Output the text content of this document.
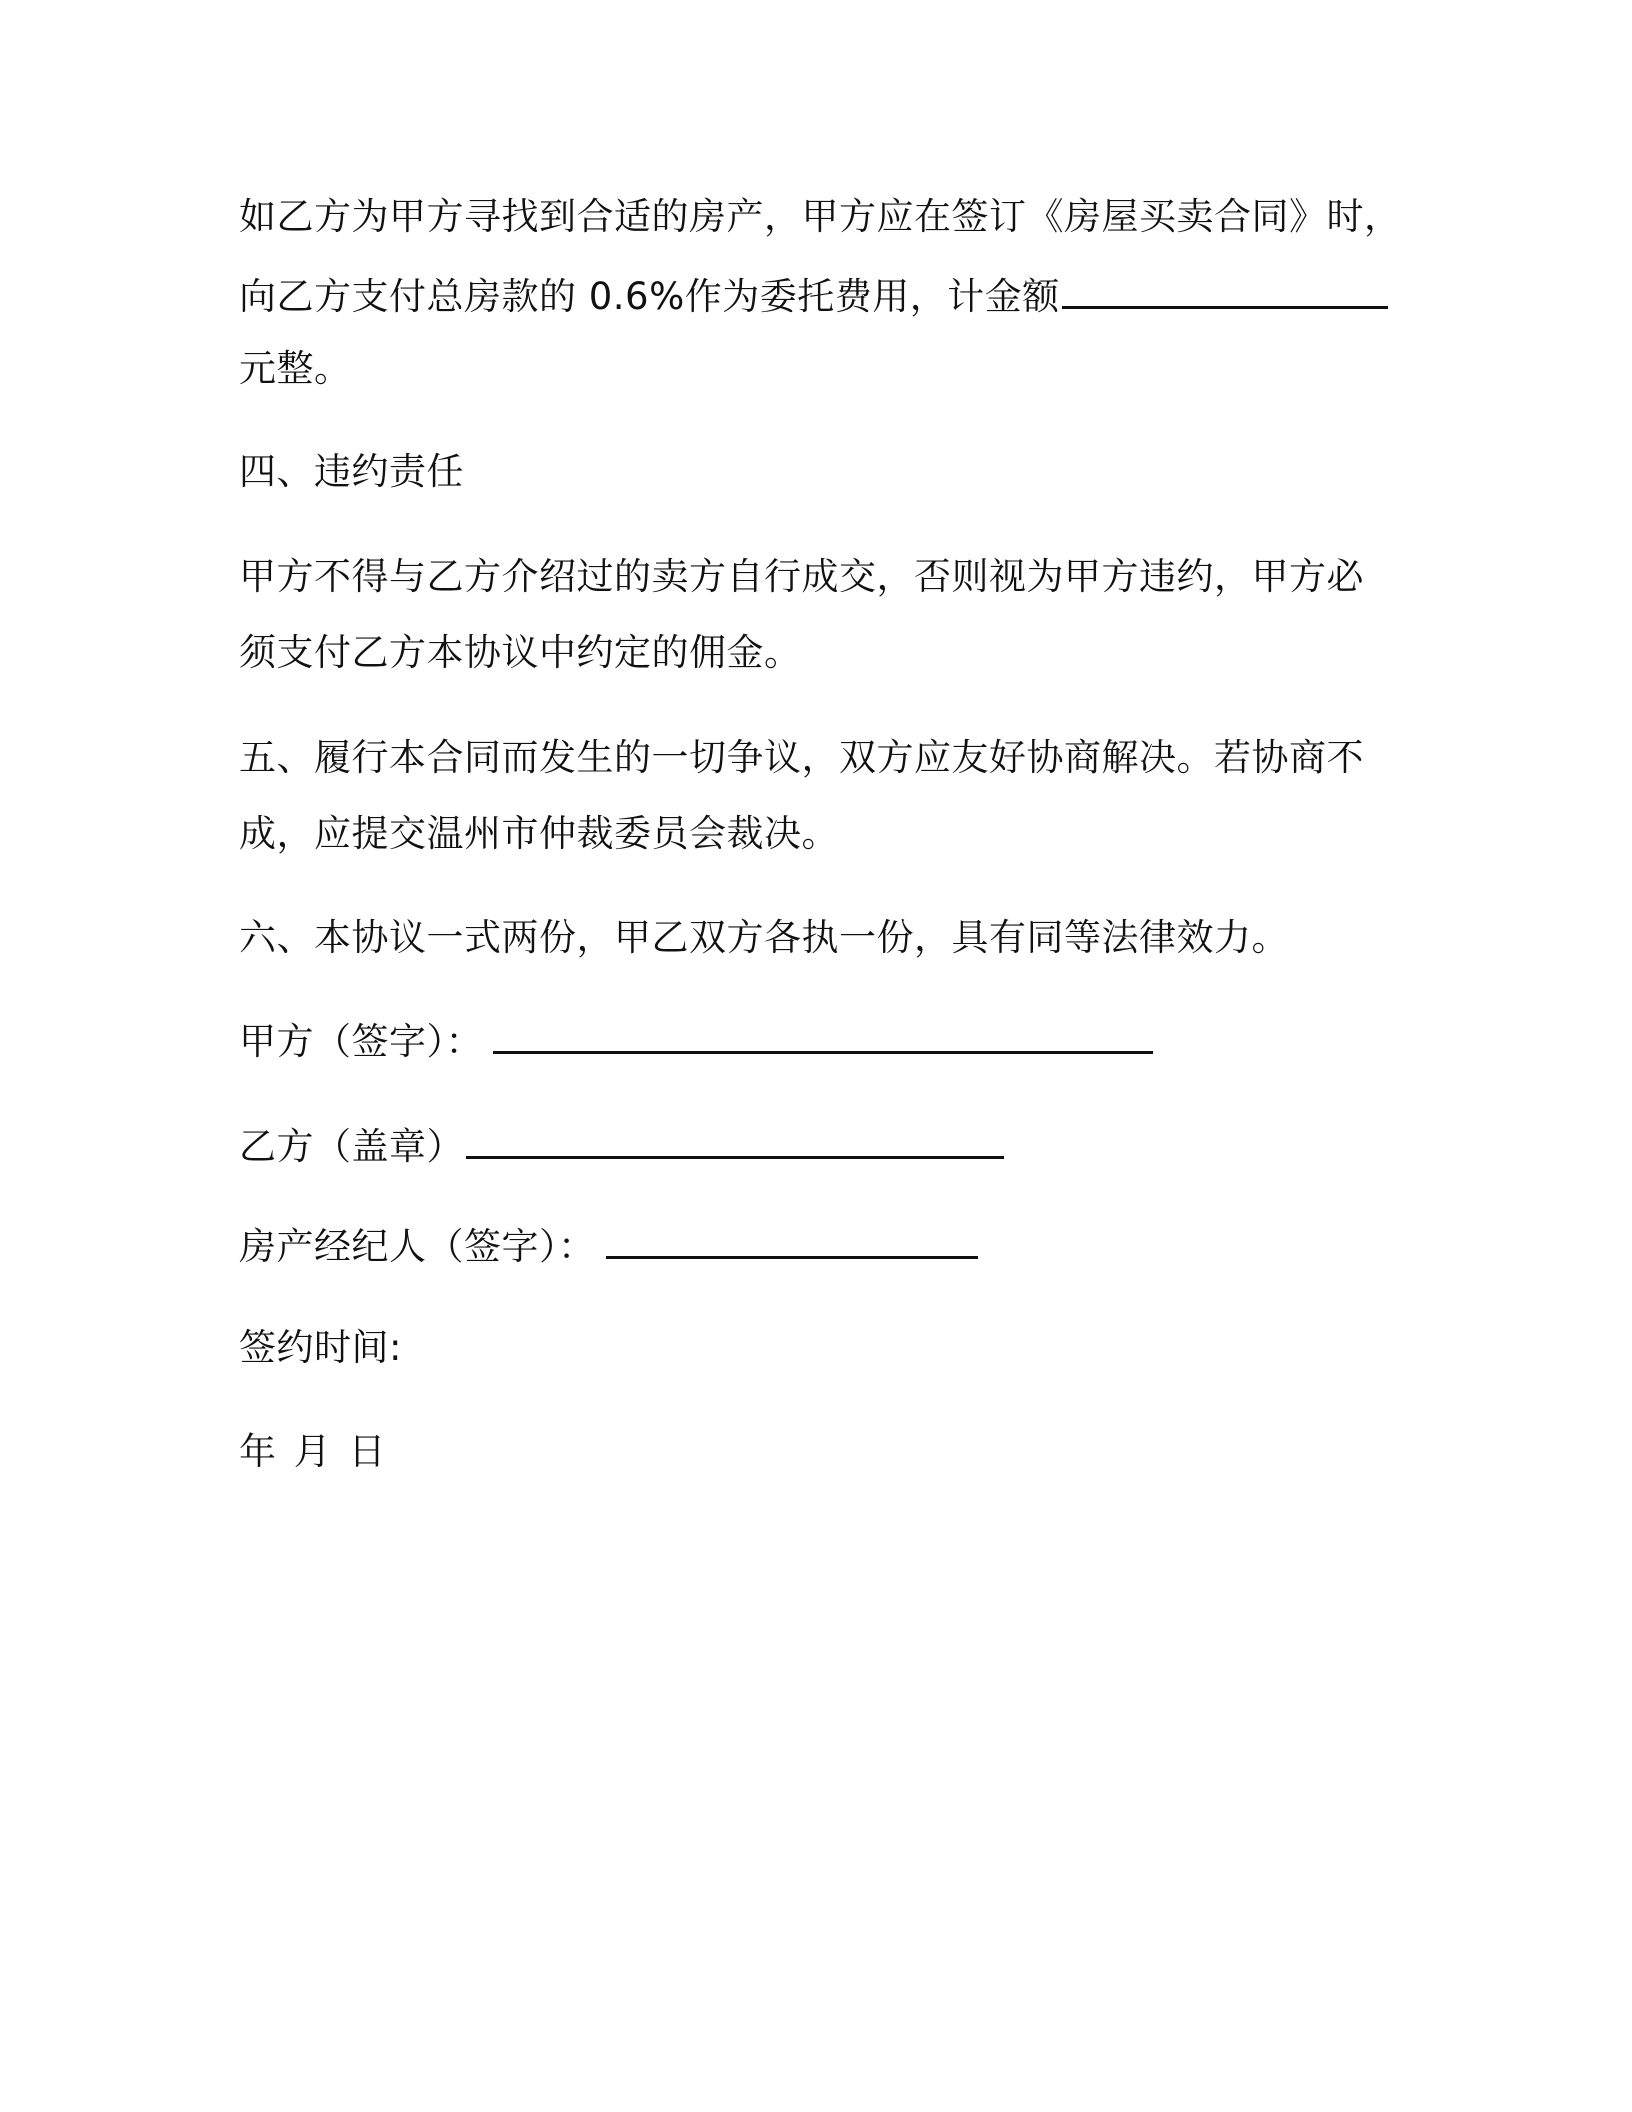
如乙方为甲方寻找到合适的房产，甲方应在签订《房屋买卖合同》时，
向乙方支付总房款的 0.6%作为委托费用，计金额
元整。
四、违约责任
甲方不得与乙方介绍过的卖方自行成交，否则视为甲方违约，甲方必
须支付乙方本协议中约定的佣金。
五、履行本合同而发生的一切争议，双方应友好协商解决。若协商不
成，应提交温州市仲裁委员会裁决。
六、本协议一式两份，甲乙双方各执一份，具有同等法律效力。
甲方（签字）：
乙方（盖章）
房产经纪人（签字）：
签约时间:
年 月 日
